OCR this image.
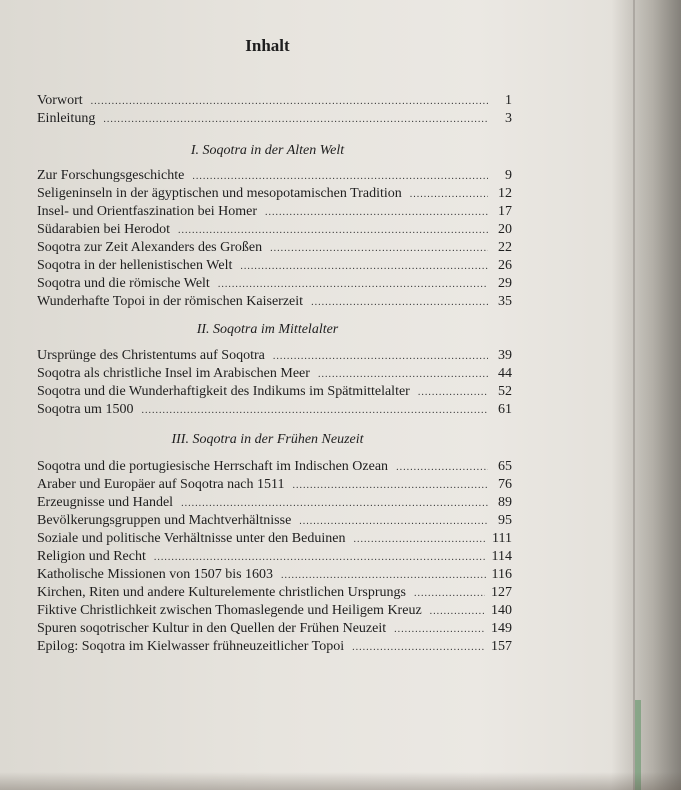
Inhalt
Vorwort .....	1
Einleitung .....	3
I. Soqotra in der Alten Welt
Zur Forschungsgeschichte .....	9
Seligeninseln in der ägyptischen und mesopotamischen Tradition .....	12
Insel- und Orientfaszination bei Homer .....	17
Südarabien bei Herodot .....	20
Soqotra zur Zeit Alexanders des Großen .....	22
Soqotra in der hellenistischen Welt .....	26
Soqotra und die römische Welt .....	29
Wunderhafte Topoi in der römischen Kaiserzeit .....	35
II. Soqotra im Mittelalter
Ursprünge des Christentums auf Soqotra .....	39
Soqotra als christliche Insel im Arabischen Meer .....	44
Soqotra und die Wunderhaftigkeit des Indikums im Spätmittelalter .....	52
Soqotra um 1500 .....	61
III. Soqotra in der Frühen Neuzeit
Soqotra und die portugiesische Herrschaft im Indischen Ozean .....	65
Araber und Europäer auf Soqotra nach 1511 .....	76
Erzeugnisse und Handel .....	89
Bevölkerungsgruppen und Machtverhältnisse .....	95
Soziale und politische Verhältnisse unter den Beduinen .....	111
Religion und Recht .....	114
Katholische Missionen von 1507 bis 1603 .....	116
Kirchen, Riten und andere Kulturelemente christlichen Ursprungs .....	127
Fiktive Christlichkeit zwischen Thomaslegende und Heiligem Kreuz .....	140
Spuren soqotrischer Kultur in den Quellen der Frühen Neuzeit .....	149
Epilog: Soqotra im Kielwasser frühneuzeitlicher Topoi .....	157
